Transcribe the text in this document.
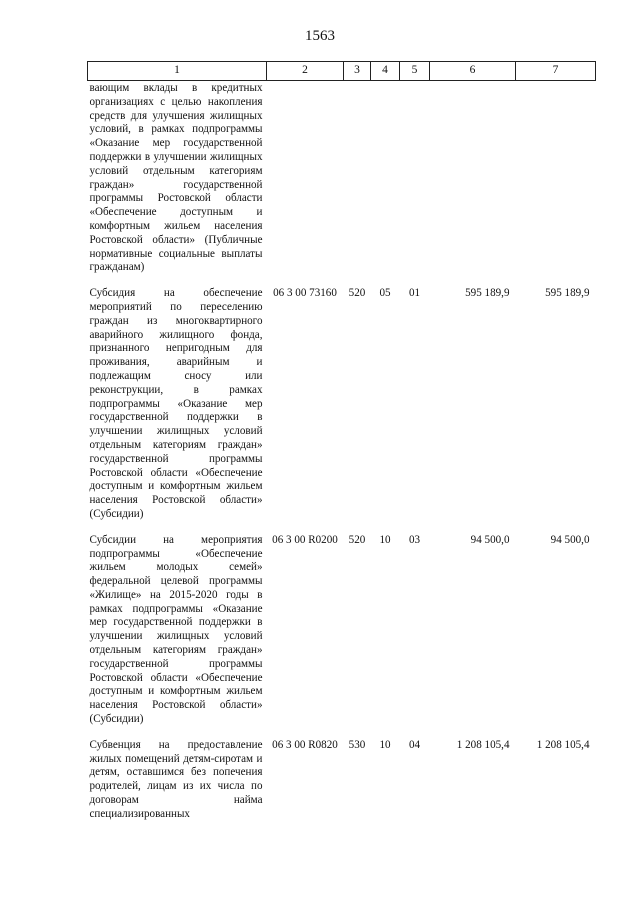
1563
1	2	3	4	5	6	7
вающим вклады в кредитных организациях с целью накопления средств для улучшения жилищных условий, в рамках подпрограммы «Оказание мер государственной поддержки в улучшении жилищных условий отдельным категориям граждан» государственной программы Ростовской области «Обеспечение доступным и комфортным жильем населения Ростовской области» (Публичные нормативные социальные выплаты гражданам)						
Субсидия на обеспечение мероприятий по переселению граждан из многоквартирного аварийного жилищного фонда, признанного непригодным для проживания, аварийным и подлежащим сносу или реконструкции, в рамках подпрограммы «Оказание мер государственной поддержки в улучшении жилищных условий отдельным категориям граждан» государственной программы Ростовской области «Обеспечение доступным и комфортным жильем населения Ростовской области» (Субсидии)	06 3 00 73160	520	05	01	595 189,9	595 189,9
Субсидии на мероприятия подпрограммы «Обеспечение жильем молодых семей» федеральной целевой программы «Жилище» на 2015-2020 годы в рамках подпрограммы «Оказание мер государственной поддержки в улучшении жилищных условий отдельным категориям граждан» государственной программы Ростовской области «Обеспечение доступным и комфортным жильем населения Ростовской области» (Субсидии)	06 3 00 R0200	520	10	03	94 500,0	94 500,0
Субвенция на предоставление жилых помещений детям-сиротам и детям, оставшимся без попечения родителей, лицам из их числа по договорам найма специализированных	06 3 00 R0820	530	10	04	1 208 105,4	1 208 105,4
